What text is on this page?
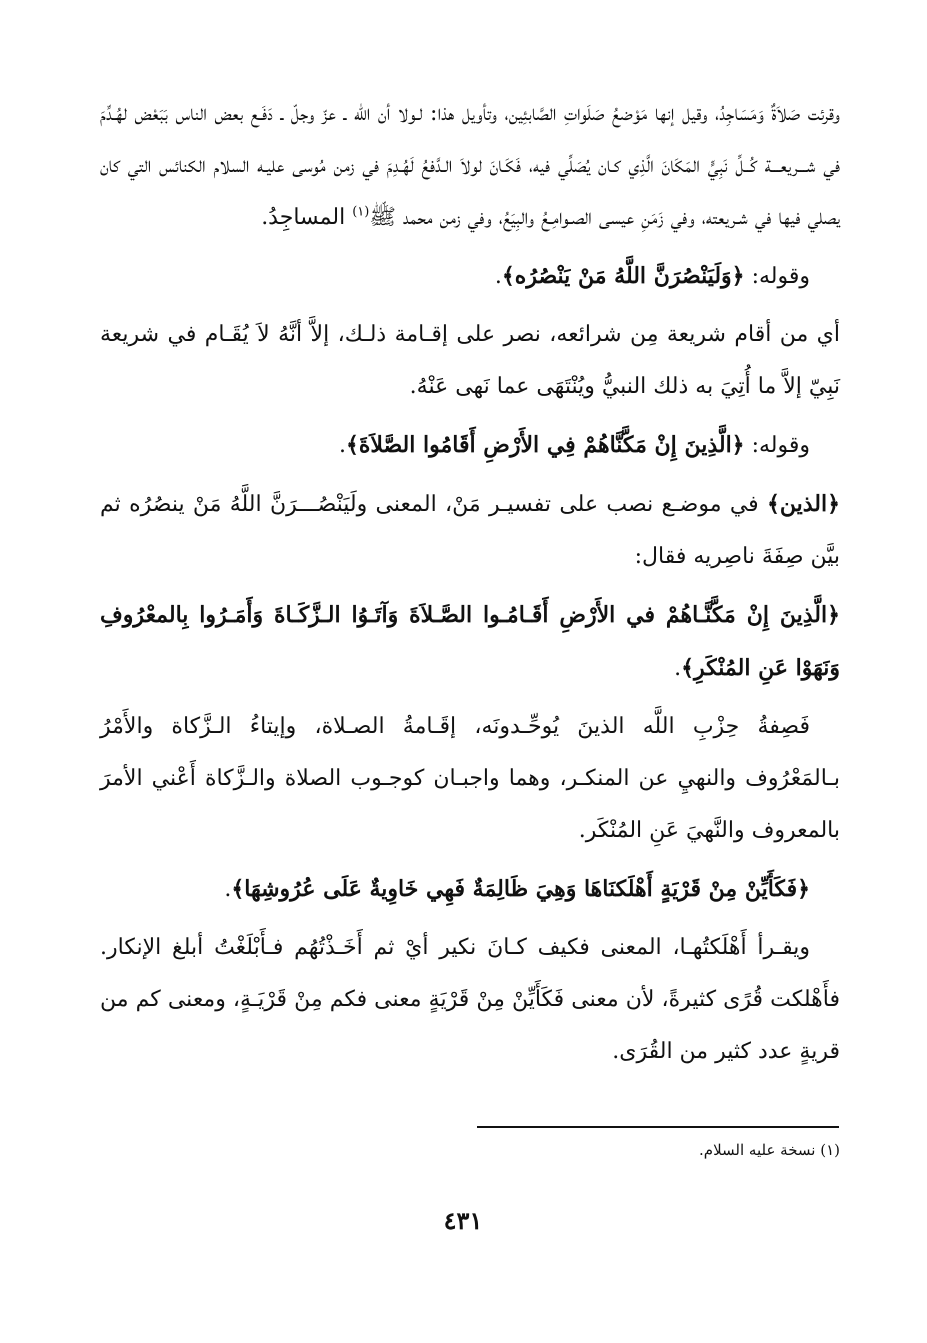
وقرئت صَلاَةٌ وَمَسَاجِدُ، وقيل إنها مَوْضعُ صَلَواتِ الصَّابئِين، وتأويل هذا: لـولا أن اللّه ـ عزّ وجلّ ـ دَفَـع بعض الناس بَبَعْض لهُـدِّمَ في شـــريعـــة كُــلِّ نَبِيٍّ المَكَانَ الَّذِي كـان يُصَلِّي فيه، فَكَـانَ لولاَ الـدَّفعُ لَهُـدِمَ في زمن مُوسى عليـه السلام الكنائس التي كان يصلي فيها في شـريعته، وفي زَمَنِ عيسى الصـوامِـعُ والبِيَعُ، وفي زمن محمد ﷺ$^{(١)}$ المساجِدُ.

وقوله: ﴿وَلَيَنْصُرَنَّ اللَّهُ مَنْ يَنْصُرُه﴾.

أي من أقام شريعة مِن شرائعه، نصر على إقـامة ذلـك، إلاَّ أنَّهُ لاَ يُقَـام في شريعة نَبِيّ إلاَّ ما أُتِيَ به ذلك النبيُّ ويُنْتَهَى عما نَهى عَنْهُ.

وقوله: ﴿الَّذِينَ إِنْ مَكَّنَّاهُمْ فِي الأَرْضِ أَقَامُوا الصَّلاَةَ﴾.

﴿الذين﴾ في موضـع نصب على تفسيـر مَنْ، المعنى ولَيَنْصُـــرَنَّ اللَّهُ مَنْ ينصُرُه ثم بيَّن صِفَةَ ناصِريه فقال:

﴿الَّذِينَ إِنْ مَكَّنَّـاهُمْ في الأَرْضِ أَقَـامُـوا الصَّـلاَةَ وَآتَـوُا الـزَّكَـاةَ وَأَمَـرُوا بِالمعْرُوفِ وَنَهَوْا عَنِ المُنْكَرِ﴾.

فَصِفةُ حِزْبِ اللَّه الذينَ يُوحِّـدونَه، إقَـامةُ الصـلاة، وإيتاءُ الـزَّكاة والأَمْرُ بـالمَعْرُوف والنهيِ عن المنكـر، وهما واجبـان كوجـوب الصلاة والـزَّكاة أَعْني الأمرَ بالمعروف والنَّهيَ عَنِ المُنْكَر.

﴿فَكَأَيِّنْ مِنْ قَرْيَةٍ أَهْلَكنَاهَا وَهِيَ ظَالِمَةٌ فَهِي خَاوِيةٌ عَلَى عُرُوشِهَا﴾.

ويقـرأ أَهْلَكتُهـا، المعنى فكيف كـانَ نكير أيْ ثم أَخَـذْتُهُم فـأَبْلَغْتُ أبلغ الإنكار. فأَهْلكت قُرًى كثيرةً، لأن معنى فَكَأَيِّنْ مِنْ قَرْيَةٍ معنى فكم مِنْ قَرْيَـةٍ، ومعنى كم من قريةٍ عدد كثير من القُرَى.

(١) نسخة عليه السلام.
٤٣١
